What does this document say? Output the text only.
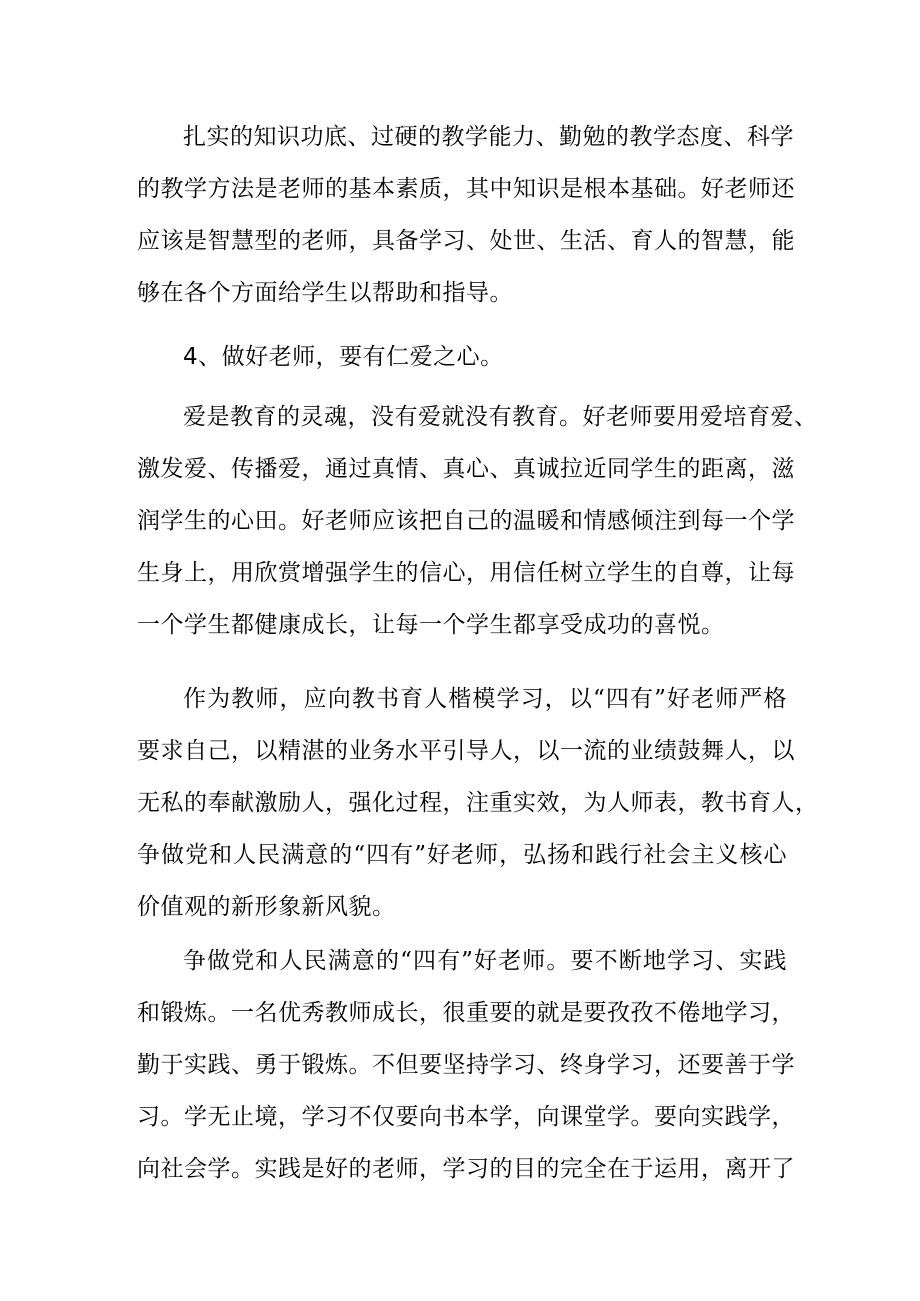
扎实的知识功底、过硬的教学能力、勤勉的教学态度、科学
的教学方法是老师的基本素质，其中知识是根本基础。好老师还
应该是智慧型的老师，具备学习、处世、生活、育人的智慧，能
够在各个方面给学生以帮助和指导。
4、做好老师，要有仁爱之心。
爱是教育的灵魂，没有爱就没有教育。好老师要用爱培育爱、
激发爱、传播爱，通过真情、真心、真诚拉近同学生的距离，滋
润学生的心田。好老师应该把自己的温暖和情感倾注到每一个学
生身上，用欣赏增强学生的信心，用信任树立学生的自尊，让每
一个学生都健康成长，让每一个学生都享受成功的喜悦。
作为教师，应向教书育人楷模学习，以“四有”好老师严格
要求自己，以精湛的业务水平引导人，以一流的业绩鼓舞人，以
无私的奉献激励人，强化过程，注重实效，为人师表，教书育人，
争做党和人民满意的“四有”好老师，弘扬和践行社会主义核心
价值观的新形象新风貌。
争做党和人民满意的“四有”好老师。要不断地学习、实践
和锻炼。一名优秀教师成长，很重要的就是要孜孜不倦地学习，
勤于实践、勇于锻炼。不但要坚持学习、终身学习，还要善于学
习。学无止境，学习不仅要向书本学，向课堂学。要向实践学，
向社会学。实践是好的老师，学习的目的完全在于运用，离开了
